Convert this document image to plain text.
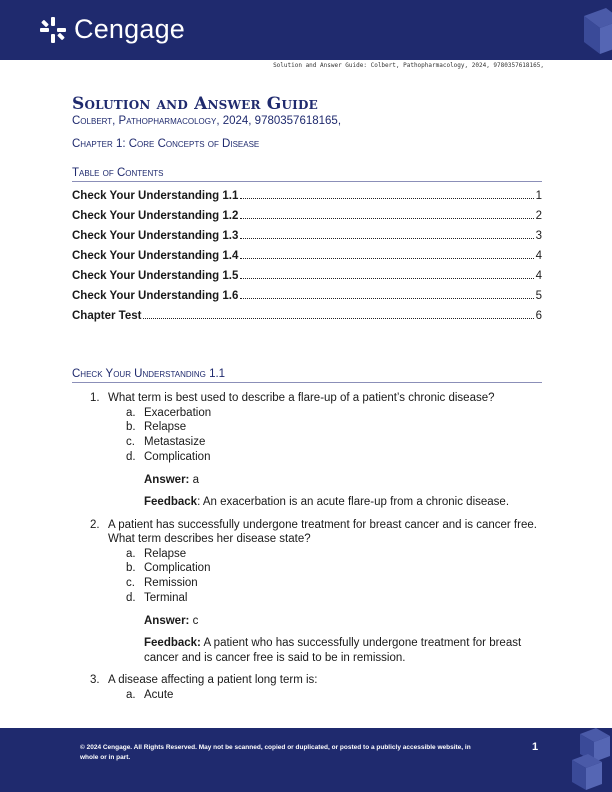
Cengage
Solution and Answer Guide: Colbert, Pathopharmacology, 2024, 9780357618165,
Solution and Answer Guide
Colbert, Pathopharmacology, 2024, 9780357618165,
Chapter 1: Core Concepts of Disease
Table of Contents
Check Your Understanding 1.1	1
Check Your Understanding 1.2	2
Check Your Understanding 1.3	3
Check Your Understanding 1.4	4
Check Your Understanding 1.5	4
Check Your Understanding 1.6	5
Chapter Test	6
Check Your Understanding 1.1
1. What term is best used to describe a flare-up of a patient’s chronic disease?
a. Exacerbation
b. Relapse
c. Metastasize
d. Complication
Answer: a
Feedback: An exacerbation is an acute flare-up from a chronic disease.
2. A patient has successfully undergone treatment for breast cancer and is cancer free. What term describes her disease state?
a. Relapse
b. Complication
c. Remission
d. Terminal
Answer: c
Feedback: A patient who has successfully undergone treatment for breast cancer and is cancer free is said to be in remission.
3. A disease affecting a patient long term is:
a. Acute
© 2024 Cengage. All Rights Reserved. May not be scanned, copied or duplicated, or posted to a publicly accessible website, in whole or in part.
1
